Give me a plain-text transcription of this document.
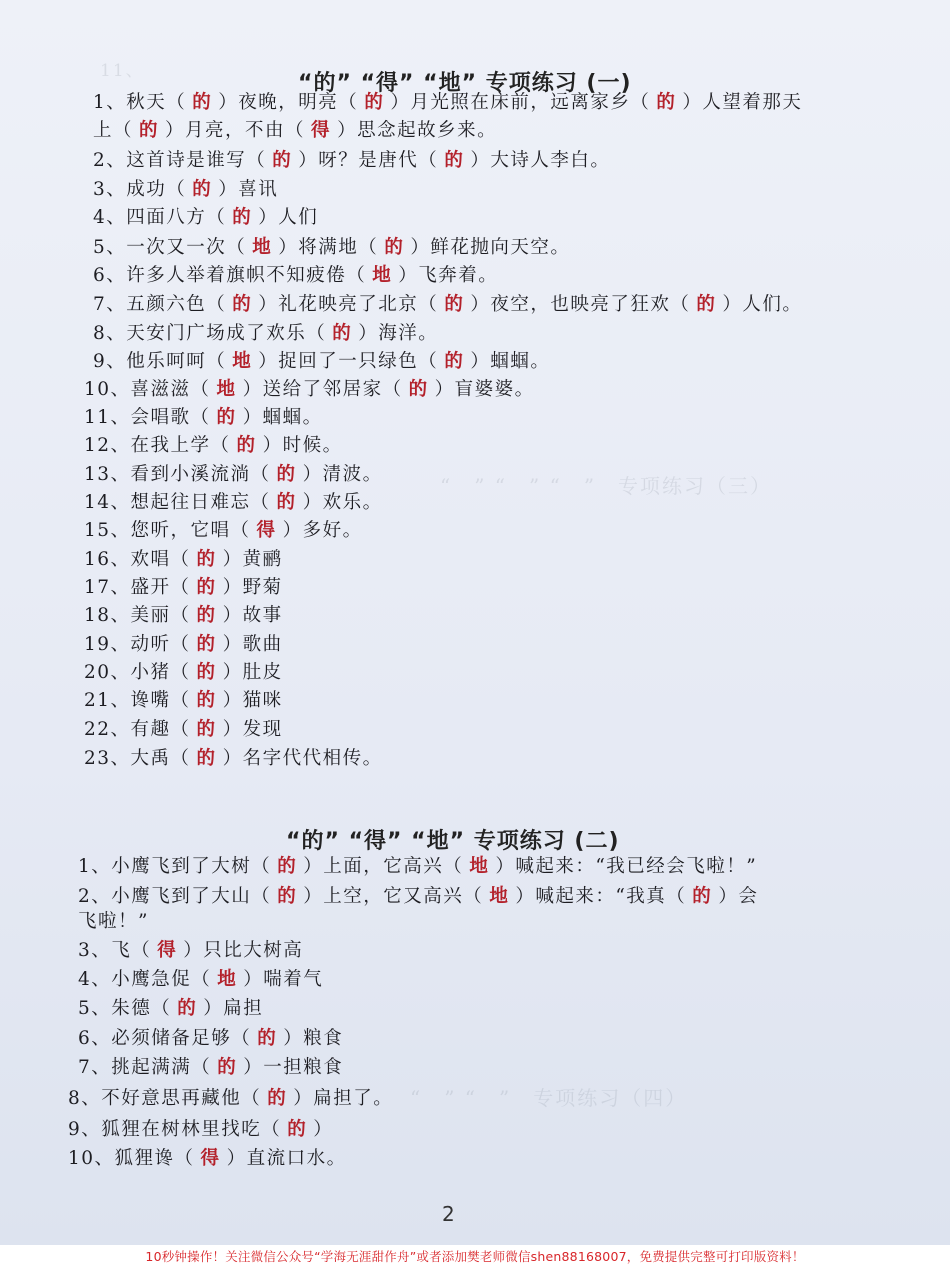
11、　　　　　　　　
“　” “　” “　”　专项练习（三）
“　” “　”　专项练习（四）
“的” “得” “地” 专项练习 (一)
1、秋天（ 的 ）夜晚，明亮（ 的 ）月光照在床前，远离家乡（ 的 ）人望着那天
上（ 的 ）月亮，不由（ 得 ）思念起故乡来。
2、这首诗是谁写（ 的 ）呀？是唐代（ 的 ）大诗人李白。
3、成功（ 的 ）喜讯
4、四面八方（ 的 ）人们
5、一次又一次（ 地 ）将满地（ 的 ）鲜花抛向天空。
6、许多人举着旗帜不知疲倦（ 地 ）飞奔着。
7、五颜六色（ 的 ）礼花映亮了北京（ 的 ）夜空，也映亮了狂欢（ 的 ）人们。
8、天安门广场成了欢乐（ 的 ）海洋。
9、他乐呵呵（ 地 ）捉回了一只绿色（ 的 ）蝈蝈。
10、喜滋滋（ 地 ）送给了邻居家（ 的 ）盲婆婆。
11、会唱歌（ 的 ）蝈蝈。
12、在我上学（ 的 ）时候。
13、看到小溪流淌（ 的 ）清波。
14、想起往日难忘（ 的 ）欢乐。
15、您听，它唱（ 得 ）多好。
16、欢唱（ 的 ）黄鹂
17、盛开（ 的 ）野菊
18、美丽（ 的 ）故事
19、动听（ 的 ）歌曲
20、小猪（ 的 ）肚皮
21、谗嘴（ 的 ）猫咪
22、有趣（ 的 ）发现
23、大禹（ 的 ）名字代代相传。
“的” “得” “地” 专项练习 (二)
1、小鹰飞到了大树（ 的 ）上面，它高兴（ 地 ）喊起来：“我已经会飞啦！”
2、小鹰飞到了大山（ 的 ）上空，它又高兴（ 地 ）喊起来：“我真（ 的 ）会
飞啦！”
3、飞（ 得 ）只比大树高
4、小鹰急促（ 地 ）喘着气
5、朱德（ 的 ）扁担
6、必须储备足够（ 的 ）粮食
7、挑起满满（ 的 ）一担粮食
8、不好意思再藏他（ 的 ）扁担了。
9、狐狸在树林里找吃（ 的 ）
10、狐狸谗（ 得 ）直流口水。
2
10秒钟操作！关注微信公众号“学海无涯甜作舟”或者添加樊老师微信shen88168007，免费提供完整可打印版资料！
